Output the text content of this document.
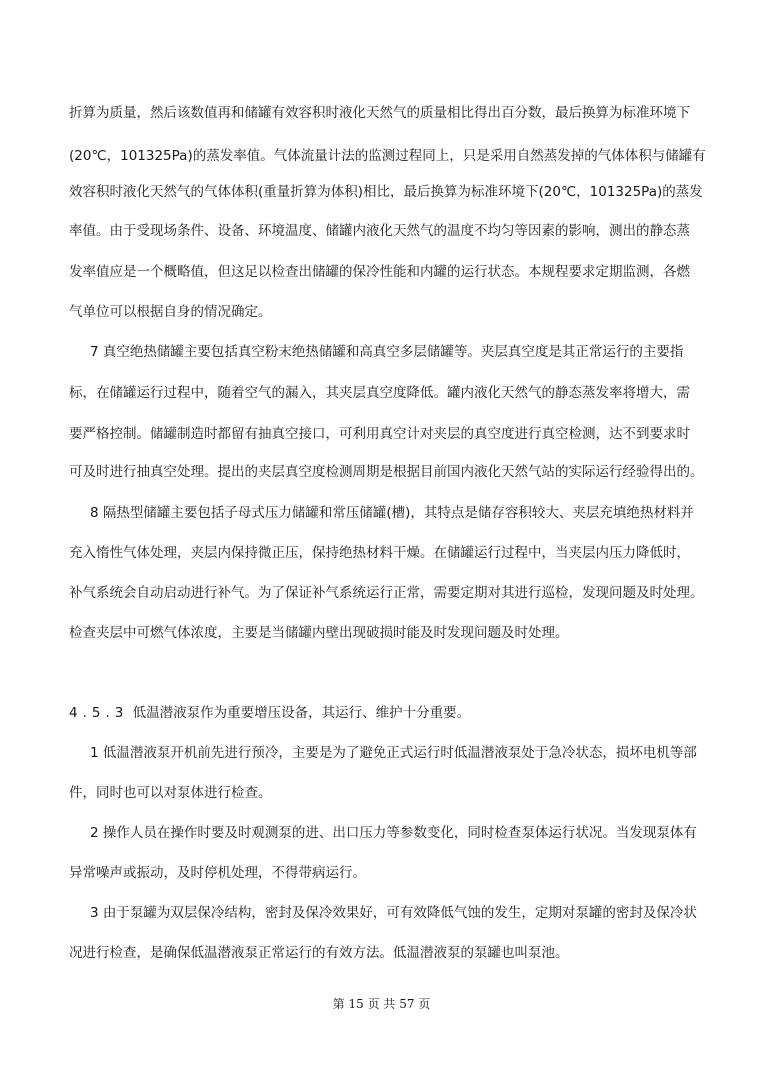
折算为质量，然后该数值再和储罐有效容积时液化天然气的质量相比得出百分数，最后换算为标准环境下
(20℃，101325Pa)的蒸发率值。气体流量计法的监测过程同上，只是采用自然蒸发掉的气体体积与储罐有
效容积时液化天然气的气体体积(重量折算为体积)相比，最后换算为标准环境下(20℃，101325Pa)的蒸发
率值。由于受现场条件、设备、环境温度、储罐内液化天然气的温度不均匀等因素的影响，测出的静态蒸
发率值应是一个概略值，但这足以检查出储罐的保冷性能和内罐的运行状态。本规程要求定期监测，各燃
气单位可以根据自身的情况确定。
7 真空绝热储罐主要包括真空粉末绝热储罐和高真空多层储罐等。夹层真空度是其正常运行的主要指
标，在储罐运行过程中，随着空气的漏入，其夹层真空度降低。罐内液化天然气的静态蒸发率将增大，需
要严格控制。储罐制造时都留有抽真空接口，可利用真空计对夹层的真空度进行真空检测，达不到要求时
可及时进行抽真空处理。提出的夹层真空度检测周期是根据目前国内液化天然气站的实际运行经验得出的。
8 隔热型储罐主要包括子母式压力储罐和常压储罐(槽)，其特点是储存容积较大、夹层充填绝热材料并
充入惰性气体处理，夹层内保持微正压，保持绝热材料干燥。在储罐运行过程中，当夹层内压力降低时，
补气系统会自动启动进行补气。为了保证补气系统运行正常，需要定期对其进行巡检，发现问题及时处理。
检查夹层中可燃气体浓度，主要是当储罐内壁出现破损时能及时发现问题及时处理。
4.5.3 低温潜液泵作为重要增压设备，其运行、维护十分重要。
1 低温潜液泵开机前先进行预冷，主要是为了避免正式运行时低温潜液泵处于急冷状态，损坏电机等部
件，同时也可以对泵体进行检查。
2 操作人员在操作时要及时观测泵的进、出口压力等参数变化，同时检查泵体运行状况。当发现泵体有
异常噪声或振动，及时停机处理，不得带病运行。
3 由于泵罐为双层保冷结构，密封及保冷效果好，可有效降低气蚀的发生，定期对泵罐的密封及保冷状
况进行检查，是确保低温潜液泵正常运行的有效方法。低温潜液泵的泵罐也叫泵池。
第 15 页 共 57 页
